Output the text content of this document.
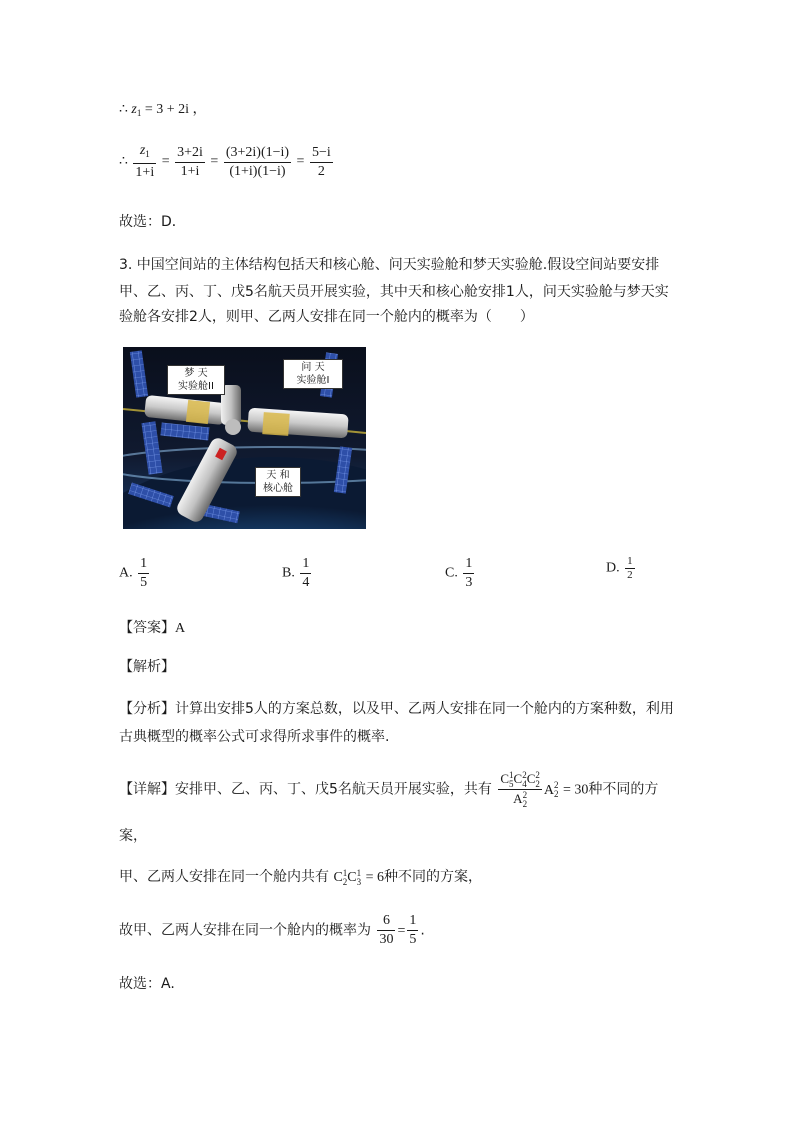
∴ $z_1 = 3 + 2i$ ，
∴ $\frac{z_1}{1+i} = \frac{3+2i}{1+i} = \frac{(3+2i)(1-i)}{(1+i)(1-i)} = \frac{5-i}{2}$
故选：D．
3. 中国空间站的主体结构包括天和核心舱、问天实验舱和梦天实验舱.假设空间站要安排
甲、乙、丙、丁、戊5名航天员开展实验，其中天和核心舱安排1人，问天实验舱与梦天实
验舱各安排2人，则甲、乙两人安排在同一个舱内的概率为（　　）
梦 天
实验舱II
问 天
实验舱Ⅰ
天 和
核心舱
A. $\frac{1}{5}$	B. $\frac{1}{4}$	C. $\frac{1}{3}$	D. $\frac{1}{2}$
【答案】A
【解析】
【分析】计算出安排5人的方案总数，以及甲、乙两人安排在同一个舱内的方案种数，利用
古典概型的概率公式可求得所求事件的概率.
【详解】安排甲、乙、丙、丁、戊5名航天员开展实验，共有 C 1
5 C 2
4 C 2
2
A 2
2 A 2
2 = 30种不同的方
案，
甲、乙两人安排在同一个舱内共有 C 1
2 C 1
3 = 6种不同的方案，
故甲、乙两人安排在同一个舱内的概率为 $\frac{6}{30} = \frac{1}{5}$ .
故选：A.
